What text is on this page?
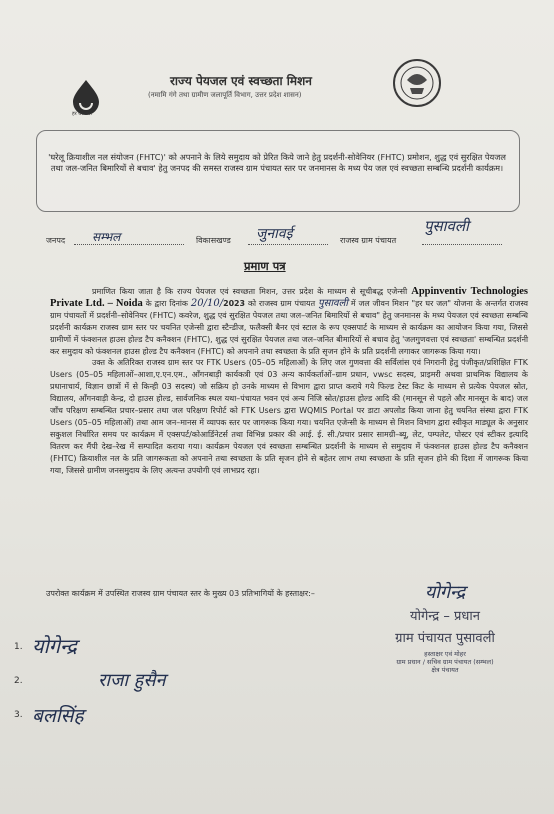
हर घर जल
राज्य पेयजल एवं स्वच्छता मिशन
(नमामि गंगे तथा ग्रामीण जलापूर्ति विभाग, उत्तर प्रदेश शासन)
'घरेलू क्रियाशील नल संयोजन (FHTC)' को अपनाने के लिये समुदाय को प्रेरित किये जाने हेतु प्रदर्शनी-सोवेनियर (FHTC) प्रमोशन, शुद्ध एवं सुरक्षित पेयजल तथा जल-जनित बिमारियों से बचाव' हेतु जनपद की समस्त राजस्व ग्राम पंचायत स्तर पर जनमानस के मध्य पेय जल एवं स्वच्छता सम्बन्धि प्रदर्शनी कार्यक्रम।
जनपद सम्भल	विकासखण्ड जुनावई	राजस्व ग्राम पंचायत
पुसावली
प्रमाण पत्र

प्रमाणित किया जाता है कि राज्य पेयजल एवं स्वच्छता मिशन, उत्तर प्रदेश के माध्यम से सूचीबद्ध एजेन्सी Appinventiv Technologies Private Ltd. – Noida के द्वारा दिनांक 20/10/2023 को राजस्व ग्राम पंचायत पुसावली में जल जीवन मिशन "हर घर जल" योजना के अन्तर्गत राजस्व ग्राम पंचायतों में प्रदर्शनी–सोवेनियर (FHTC) कवरेज, शुद्ध एवं सुरक्षित पेयजल तथा जल–जनित बिमारियों से बचाव" हेतु जनमानस के मध्य पेयजल एवं स्वच्छता सम्बन्धि प्रदर्शनी कार्यक्रम राजस्व ग्राम स्तर पर चयनित एजेन्सी द्वारा स्टैन्डीज, फलैक्सी बैनर एवं स्टाल के रूप एक्सपार्ट के माध्यम से कार्यक्रम का आयोजन किया गया, जिससे ग्रामीणों में फंक्शनल हाउस होल्ड टैप कनैक्शन (FHTC), शुद्ध एवं सुरक्षित पेयजल तथा जल–जनित बीमारियों से बचाव हेतु 'जलगुणवत्ता एवं स्वच्छता' सम्बन्धित प्रदर्शनी कर समुदाय को फंक्शनल हाउस होल्ड टैप कनैक्शन (FHTC) को अपनाने तथा स्वच्छता के प्रति सृजन होने के प्रति प्रदर्शनी लगाकर जागरूक किया गया।

उक्त के अतिरिक्त राजस्व ग्राम स्तर पर FTK Users (05–05 महिलाओं) के लिए जल गुणवत्ता की सर्विलांस एवं निगरानी हेतु पंजीकृत/प्रशिक्षित FTK Users (05–05 महिलाओं–आशा,ए.एन.एम., आँगनबाड़ी कार्यकत्री एवं 03 अन्य कार्यकर्ताओं–ग्राम प्रधान, vwsc सदस्य, प्राइमरी अथवा प्राथमिक विद्यालय के प्रधानाचार्य, विज्ञान छात्रों में से किन्ही 03 सदस्य) जो सक्रिय हो उनके माध्यम से विभाग द्वारा प्राप्त कराये गये फिल्ड टेस्ट किट के माध्यम से प्रत्येक पेयजल स्रोत, विद्यालय, आँगनवाड़ी केन्द्र, दो हाउस होल्ड, सार्वजनिक स्थल यथा–पंचायत भवन एवं अन्य निजि स्रोत/हाउस होल्ड आदि की (मानसून से पहले और मानसून के बाद) जल जाँच परिक्षण सम्बन्धित प्रचार–प्रसार तथा जल परिक्षण रिपोर्ट को FTK Users द्वारा WQMIS Portal पर डाटा अपलोड किया जाना हेतु चयनित संस्था द्वारा FTK Users (05–05 महिलाओं) तथा आम जन–मानस में व्यापक स्तर पर जागरूक किया गया। चयनित एजेन्सी के माध्यम से मिशन विभाग द्वारा स्वीकृत माड्यूल के अनुसार सकुशल निर्धारित समय पर कार्यक्रम में एक्सपर्ट/कोआर्डिनेटर्स तथा विभिन्न प्रकार की आई. ई. सी./प्रचार प्रसार सामग्री–ब्यू, लेट, पम्पलेट, पोस्टर एवं स्टीकर इत्यादि वितरण कर मैंपी देख–रेख में सम्पादित कराया गया। कार्यक्रम पेयजल एवं स्वच्छता सम्बन्धित प्रदर्शनी के माध्यम से समुदाय में फंक्शनल हाउस होल्ड टैप कनैक्शन (FHTC) क्रियाशील नल के प्रति जागरूकता को अपनाने तथा स्वच्छता के प्रति सृजन होने से बहेतर लाभ तथा स्वच्छता के प्रति सृजन होने की दिशा में जागरूक किया गया, जिससे ग्रामीण जनसमुदाय के लिए अत्यन्त उपयोगी एवं लाभप्रद रहा।

उपरोक्त कार्यक्रम में उपस्थित राजस्व ग्राम पंचायत स्तर के मुख्य 03 प्रतिभागियों के हस्ताक्षर:–
1. योगेन्द्र
2.	राजा हुसैन
3. बलसिंह
योगेन्द्र
योगेन्द्र – प्रधान
ग्राम पंचायत पुसावली
हस्ताक्षर एवं मोहर
ग्राम प्रधान / सचिव ग्राम पंचायत (सम्भल)
क्षेत्र पंचायत
